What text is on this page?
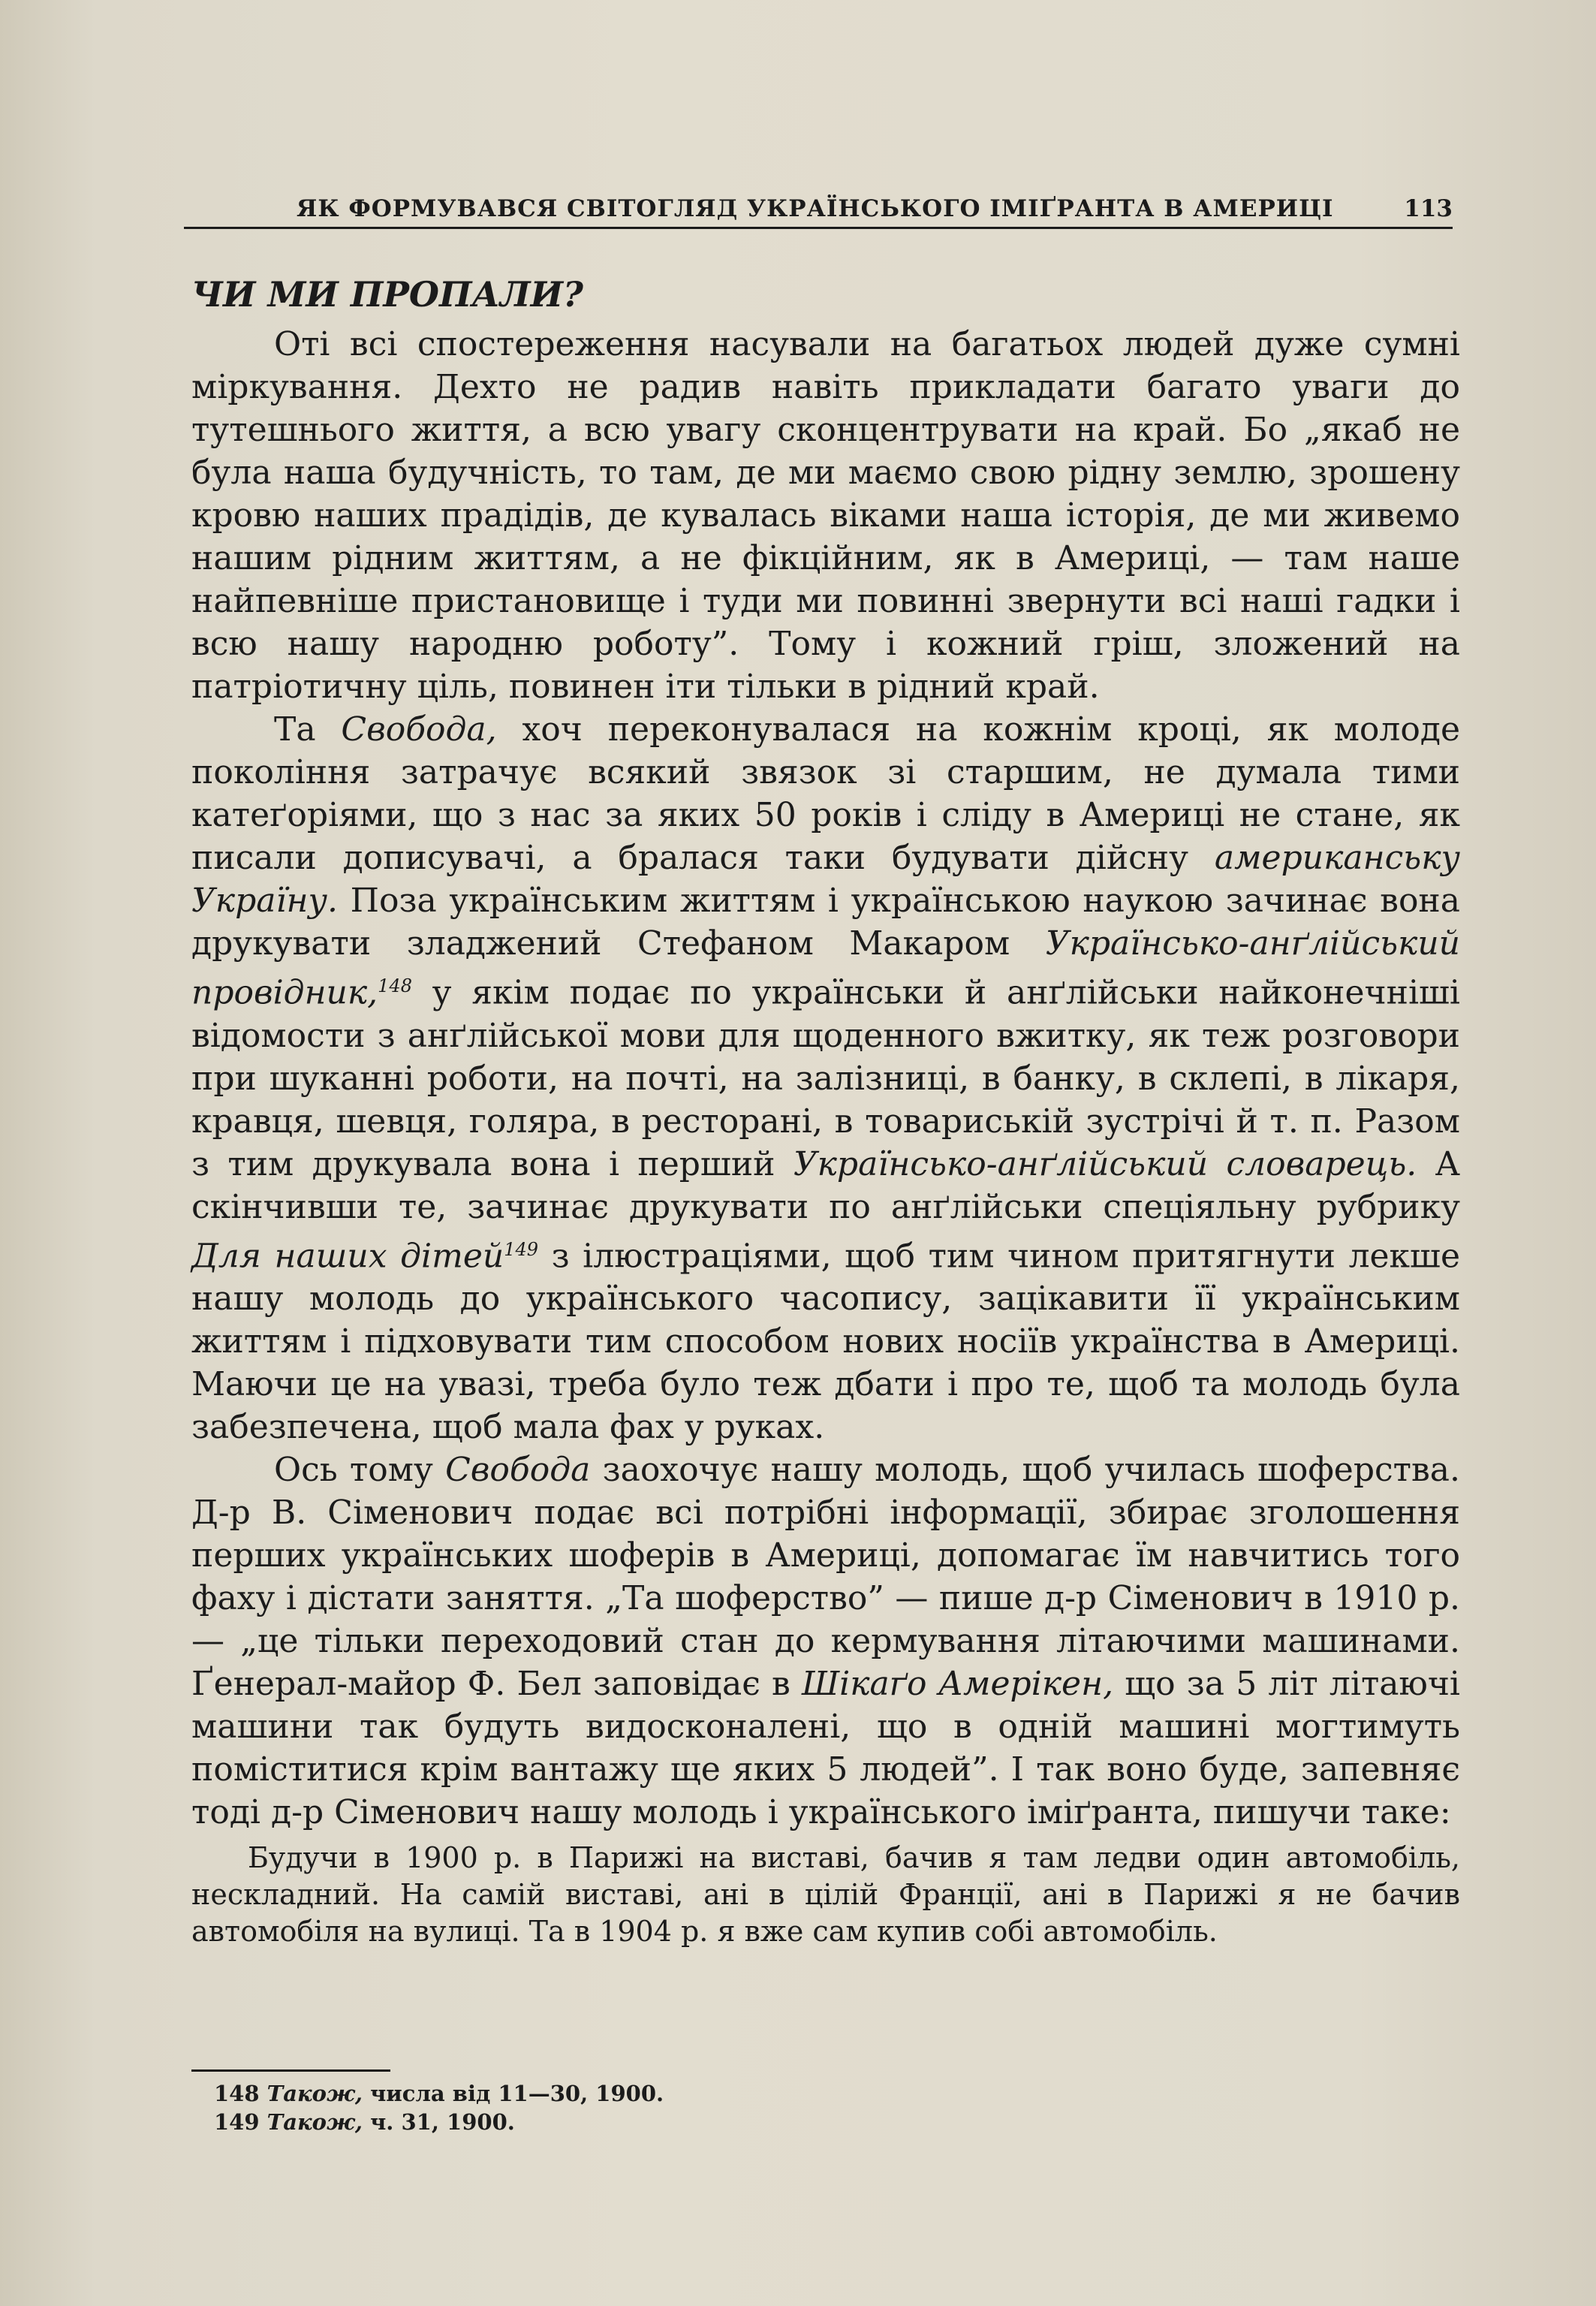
ЯК ФОРМУВАВСЯ СВІТОГЛЯД УКРАЇНСЬКОГО ІМІҐРАНТА В АМЕРИЦІ	113
ЧИ МИ ПРОПАЛИ?

Оті всі спостереження насували на багатьох людей дуже сумні міркування. Дехто не радив навіть прикладати багато уваги до тутешнього життя, а всю увагу сконцентрувати на край. Бо „якаб не була наша будучність, то там, де ми маємо свою рідну землю, зрошену кровю наших прадідів, де кувалась віками наша історія, де ми живемо нашим рідним життям, а не фікційним, як в Америці, — там наше найпевніше пристановище і туди ми повинні звернути всі наші гадки і всю нашу народню роботу”. Тому і кожний гріш, зложений на патріотичну ціль, повинен іти тільки в рідний край.

Та Свобода, хоч переконувалася на кожнім кроці, як молоде покоління затрачує всякий звязок зі старшим, не думала тими катеґоріями, що з нас за яких 50 років і сліду в Америці не стане, як писали дописувачі, а бралася таки будувати дійсну американську Україну. Поза українським життям і українською наукою зачинає вона друкувати зладжений Стефаном Макаром Українсько-анґлійський провідник,$^{148}$ у якім подає по українськи й анґлійськи найконечніші відомости з анґлійської мови для щоденного вжитку, як теж розговори при шуканні роботи, на почті, на залізниці, в банку, в склепі, в лікаря, кравця, шевця, голяра, в ресторані, в товариській зустрічі й т. п. Разом з тим друкувала вона і перший Українсько-анґлійський словарець. А скінчивши те, зачинає друкувати по анґлійськи спеціяльну рубрику Для наших дітей$^{149}$ з ілюстраціями, щоб тим чином притягнути лекше нашу молодь до українського часопису, зацікавити її українським життям і підховувати тим способом нових носіїв українства в Америці. Маючи це на увазі, треба було теж дбати і про те, щоб та молодь була забезпечена, щоб мала фах у руках.

Ось тому Свобода заохочує нашу молодь, щоб училась шоферства. Д-р В. Сіменович подає всі потрібні інформації, збирає зголошення перших українських шоферів в Америці, допомагає їм навчитись того фаху і дістати заняття. „Та шоферство” — пише д-р Сіменович в 1910 р. — „це тільки переходовий стан до кермування літаючими машинами. Ґенерал-майор Ф. Бел заповідає в Шікаґо Амерікен, що за 5 літ літаючі машини так будуть видосконалені, що в одній машині могтимуть поміститися крім вантажу ще яких 5 людей”. І так воно буде, запевняє тоді д-р Сіменович нашу молодь і українського іміґранта, пишучи таке:

Будучи в 1900 р. в Парижі на виставі, бачив я там ледви один автомобіль, нескладний. На самій виставі, ані в цілій Франції, ані в Парижі я не бачив автомобіля на вулиці. Та в 1904 р. я вже сам купив собі автомобіль.

148 Також, числа від 11—30, 1900.

149 Також, ч. 31, 1900.
